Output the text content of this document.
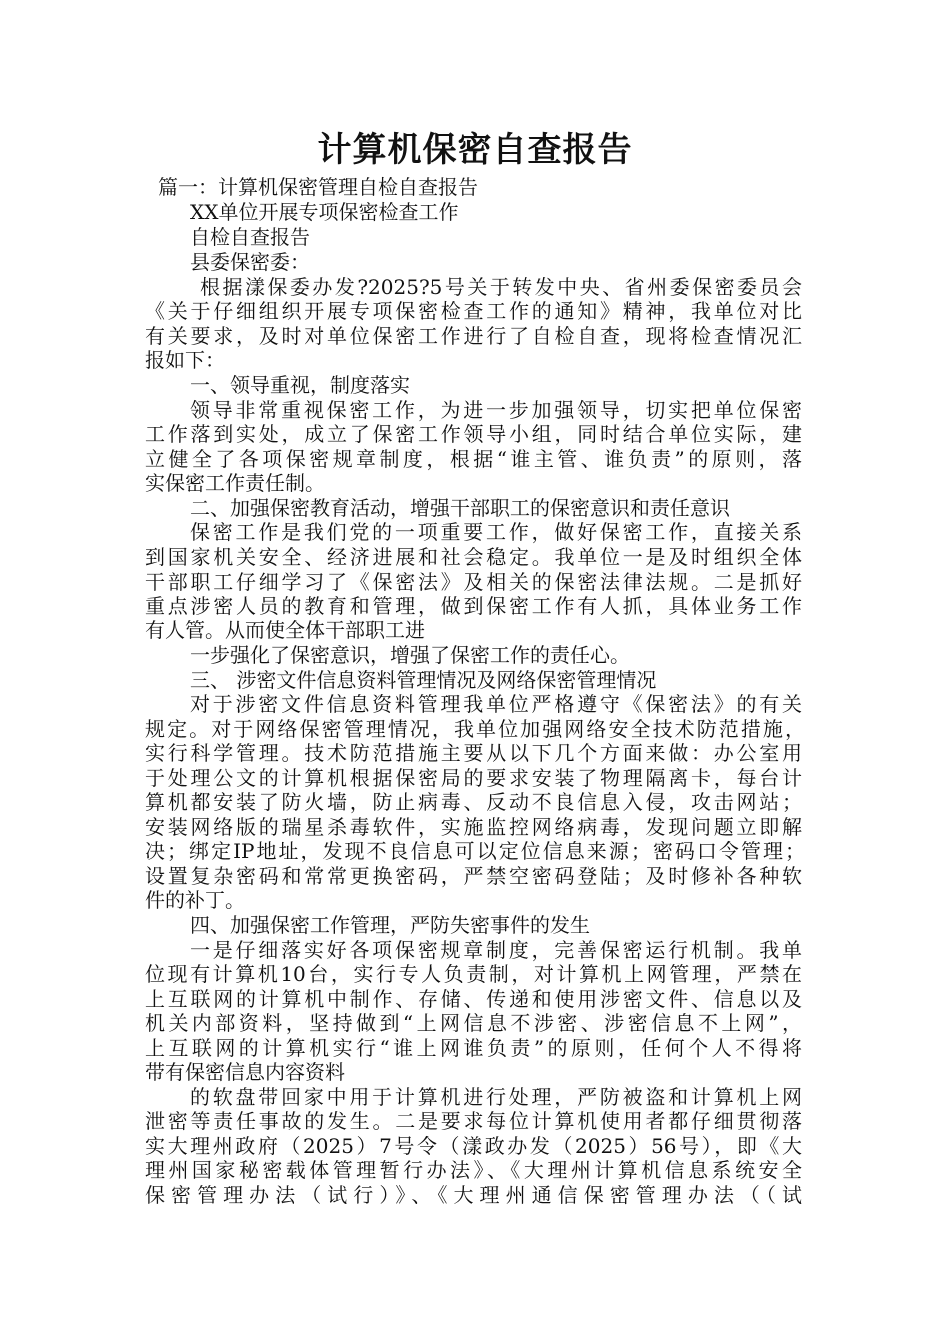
计算机保密自查报告
篇一：计算机保密管理自检自查报告
XX单位开展专项保密检查工作
自检自查报告
县委保密委：
根据漾保委办发?2025?5号关于转发中央、省州委保密委员会
《关于仔细组织开展专项保密检查工作的通知》精神，我单位对比
有关要求，及时对单位保密工作进行了自检自查，现将检查情况汇
报如下：
一、领导重视，制度落实
领导非常重视保密工作，为进一步加强领导，切实把单位保密
工作落到实处，成立了保密工作领导小组，同时结合单位实际，建
立健全了各项保密规章制度，根据“谁主管、谁负责”的原则，落
实保密工作责任制。
二、加强保密教育活动，增强干部职工的保密意识和责任意识
保密工作是我们党的一项重要工作，做好保密工作，直接关系
到国家机关安全、经济进展和社会稳定。我单位一是及时组织全体
干部职工仔细学习了《保密法》及相关的保密法律法规。二是抓好
重点涉密人员的教育和管理，做到保密工作有人抓，具体业务工作
有人管。从而使全体干部职工进
一步强化了保密意识，增强了保密工作的责任心。
三、 涉密文件信息资料管理情况及网络保密管理情况
对于涉密文件信息资料管理我单位严格遵守《保密法》的有关
规定。对于网络保密管理情况，我单位加强网络安全技术防范措施，
实行科学管理。技术防范措施主要从以下几个方面来做：办公室用
于处理公文的计算机根据保密局的要求安装了物理隔离卡，每台计
算机都安装了防火墙，防止病毒、反动不良信息入侵，攻击网站；
安装网络版的瑞星杀毒软件，实施监控网络病毒，发现问题立即解
决；绑定IP地址，发现不良信息可以定位信息来源；密码口令管理；
设置复杂密码和常常更换密码，严禁空密码登陆；及时修补各种软
件的补丁。
四、加强保密工作管理，严防失密事件的发生
一是仔细落实好各项保密规章制度，完善保密运行机制。我单
位现有计算机10台，实行专人负责制，对计算机上网管理，严禁在
上互联网的计算机中制作、存储、传递和使用涉密文件、信息以及
机关内部资料，坚持做到“上网信息不涉密、涉密信息不上网”，
上互联网的计算机实行“谁上网谁负责”的原则，任何个人不得将
带有保密信息内容资料
的软盘带回家中用于计算机进行处理，严防被盗和计算机上网
泄密等责任事故的发生。二是要求每位计算机使用者都仔细贯彻落
实大理州政府（2025）7号令（漾政办发（2025）56号），即《大
理州国家秘密载体管理暂行办法》、《大理州计算机信息系统安全
保密管理办法（试行）》、《大理州通信保密管理办法（（试
